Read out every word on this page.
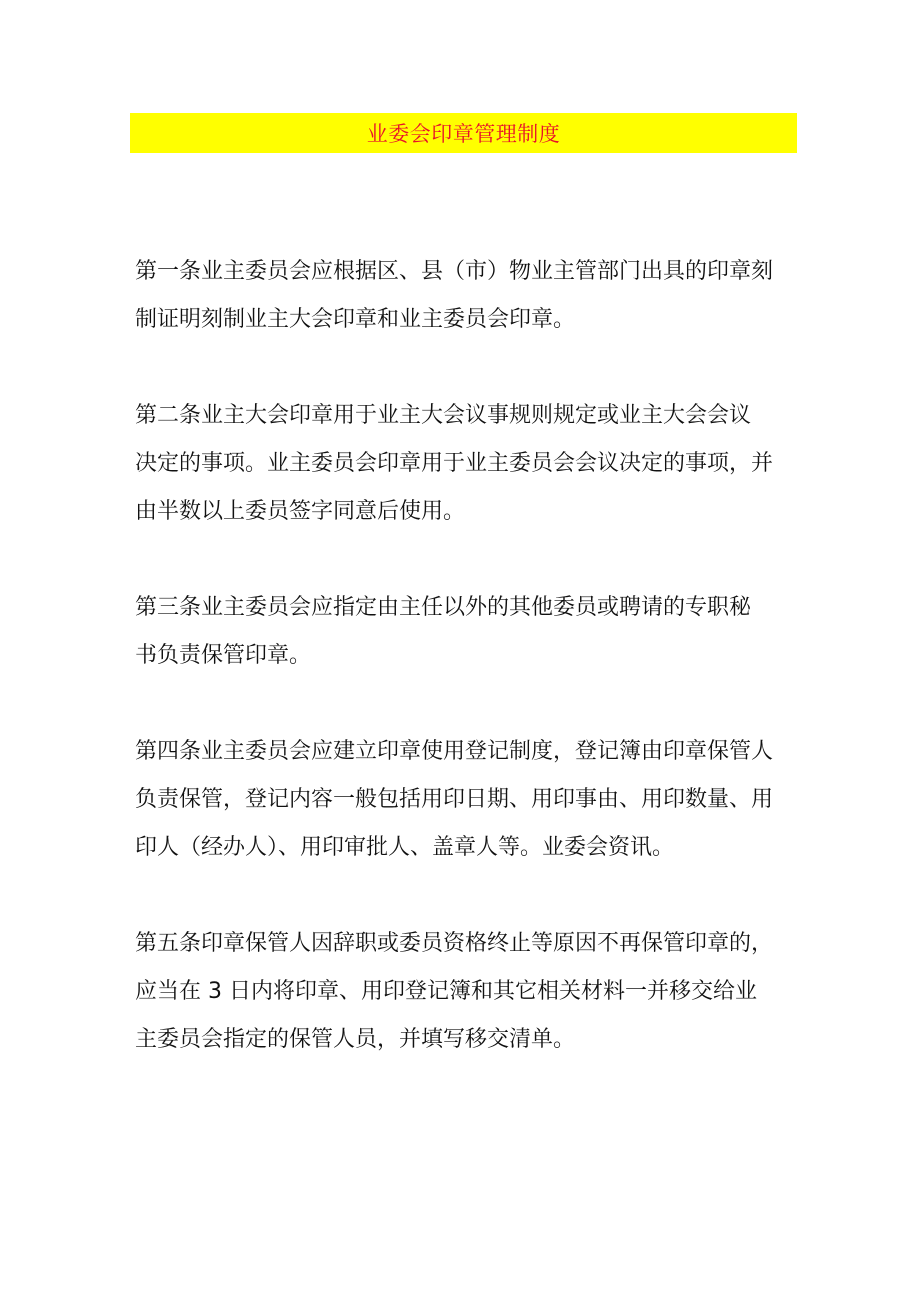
业委会印章管理制度
第一条业主委员会应根据区、县（市）物业主管部门出具的印章刻
制证明刻制业主大会印章和业主委员会印章。
第二条业主大会印章用于业主大会议事规则规定或业主大会会议
决定的事项。业主委员会印章用于业主委员会会议决定的事项，并
由半数以上委员签字同意后使用。
第三条业主委员会应指定由主任以外的其他委员或聘请的专职秘
书负责保管印章。
第四条业主委员会应建立印章使用登记制度，登记簿由印章保管人
负责保管，登记内容一般包括用印日期、用印事由、用印数量、用
印人（经办人）、用印审批人、盖章人等。业委会资讯。
第五条印章保管人因辞职或委员资格终止等原因不再保管印章的，
应当在 3 日内将印章、用印登记簿和其它相关材料一并移交给业
主委员会指定的保管人员，并填写移交清单。
